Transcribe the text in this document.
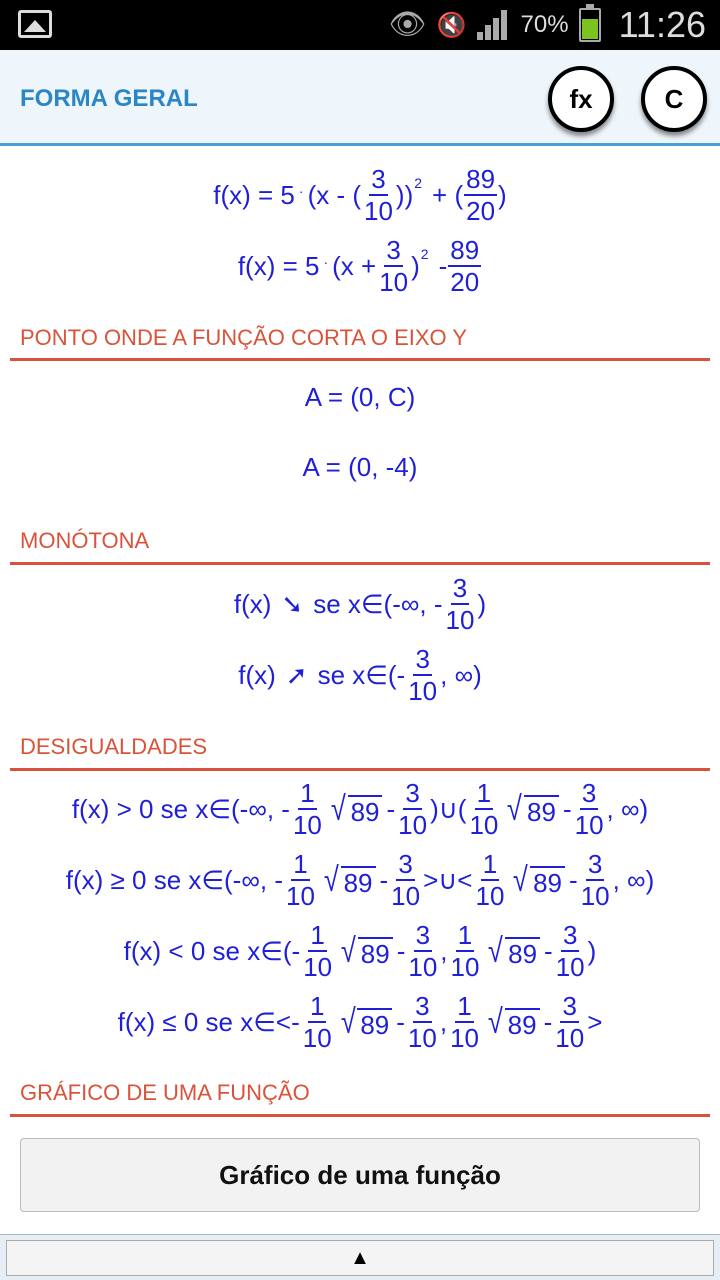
👁 🔇 70% 11:26
FORMA GERAL	fx	C
f(x) = 5 · (x - ( $\frac{3}{10}$ )) 2 + ( $\frac{89}{20}$ )
$f(x) = 5 \cdot (x + \frac{3}{10}$ ) $2 - \frac{89}{20}$
PONTO ONDE A FUNÇÃO CORTA O EIXO Y
A = (0, C)
A = (0, -4)
MONÓTONA
f(x) ➘ se x∈(-∞, - $\frac{3}{10}$ )
f(x) ➚ se x∈(- $\frac{3}{10}$ , ∞)
DESIGUALDADES
f(x) > 0 se x∈(-∞, - $\frac{1}{10}$ √ $89 - \frac{3}{10}$ )∪( $\frac{1}{10}$ √ $89 - \frac{3}{10}$ , ∞)
f(x) ≥ 0 se x∈(-∞, - $\frac{1}{10}$ √ $89 - \frac{3}{10}$ >∪< $\frac{1}{10}$ √ $89 - \frac{3}{10}$ , ∞)
f(x) < 0 se x∈(- $\frac{1}{10}$ √ $89 - \frac{3}{10}$ , $\frac{1}{10}$ √ $89 - \frac{3}{10}$ )
f(x) ≤ 0 se x∈<- $\frac{1}{10}$ √ $89 - \frac{3}{10}$ , $\frac{1}{10}$ √ $89 - \frac{3}{10}$ >
GRÁFICO DE UMA FUNÇÃO
Gráfico de uma função
▲
